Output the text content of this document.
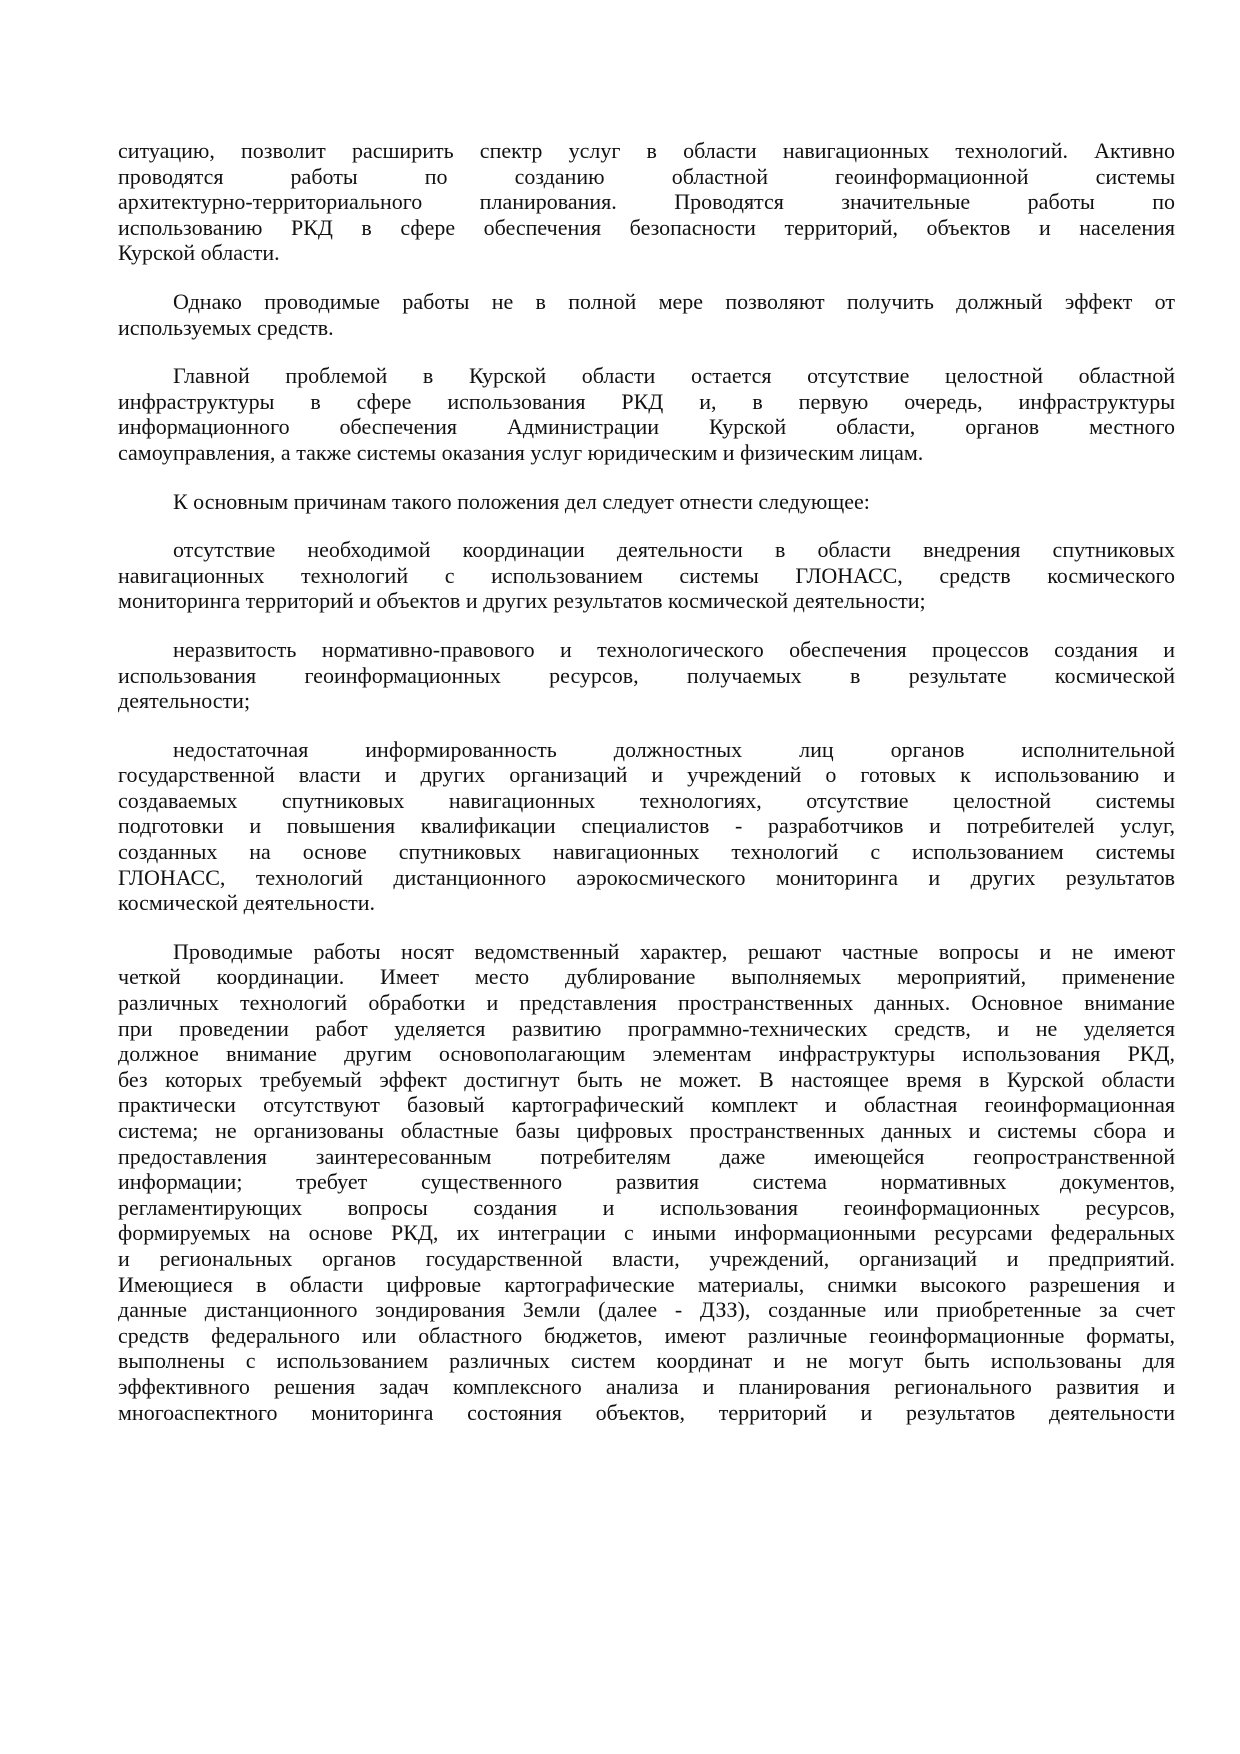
ситуацию, позволит расширить спектр услуг в области навигационных технологий. Активно
проводятся работы по созданию областной геоинформационной системы
архитектурно-территориального планирования. Проводятся значительные работы по
использованию РКД в сфере обеспечения безопасности территорий, объектов и населения
Курской области.
Однако проводимые работы не в полной мере позволяют получить должный эффект от
используемых средств.
Главной проблемой в Курской области остается отсутствие целостной областной
инфраструктуры в сфере использования РКД и, в первую очередь, инфраструктуры
информационного обеспечения Администрации Курской области, органов местного
самоуправления, а также системы оказания услуг юридическим и физическим лицам.
К основным причинам такого положения дел следует отнести следующее:
отсутствие необходимой координации деятельности в области внедрения спутниковых
навигационных технологий с использованием системы ГЛОНАСС, средств космического
мониторинга территорий и объектов и других результатов космической деятельности;
неразвитость нормативно-правового и технологического обеспечения процессов создания и
использования геоинформационных ресурсов, получаемых в результате космической
деятельности;
недостаточная информированность должностных лиц органов исполнительной
государственной власти и других организаций и учреждений о готовых к использованию и
создаваемых спутниковых навигационных технологиях, отсутствие целостной системы
подготовки и повышения квалификации специалистов - разработчиков и потребителей услуг,
созданных на основе спутниковых навигационных технологий с использованием системы
ГЛОНАСС, технологий дистанционного аэрокосмического мониторинга и других результатов
космической деятельности.
Проводимые работы носят ведомственный характер, решают частные вопросы и не имеют
четкой координации. Имеет место дублирование выполняемых мероприятий, применение
различных технологий обработки и представления пространственных данных. Основное внимание
при проведении работ уделяется развитию программно-технических средств, и не уделяется
должное внимание другим основополагающим элементам инфраструктуры использования РКД,
без которых требуемый эффект достигнут быть не может. В настоящее время в Курской области
практически отсутствуют базовый картографический комплект и областная геоинформационная
система; не организованы областные базы цифровых пространственных данных и системы сбора и
предоставления заинтересованным потребителям даже имеющейся геопространственной
информации; требует существенного развития система нормативных документов,
регламентирующих вопросы создания и использования геоинформационных ресурсов,
формируемых на основе РКД, их интеграции с иными информационными ресурсами федеральных
и региональных органов государственной власти, учреждений, организаций и предприятий.
Имеющиеся в области цифровые картографические материалы, снимки высокого разрешения и
данные дистанционного зондирования Земли (далее - ДЗЗ), созданные или приобретенные за счет
средств федерального или областного бюджетов, имеют различные геоинформационные форматы,
выполнены с использованием различных систем координат и не могут быть использованы для
эффективного решения задач комплексного анализа и планирования регионального развития и
многоаспектного мониторинга состояния объектов, территорий и результатов деятельности
